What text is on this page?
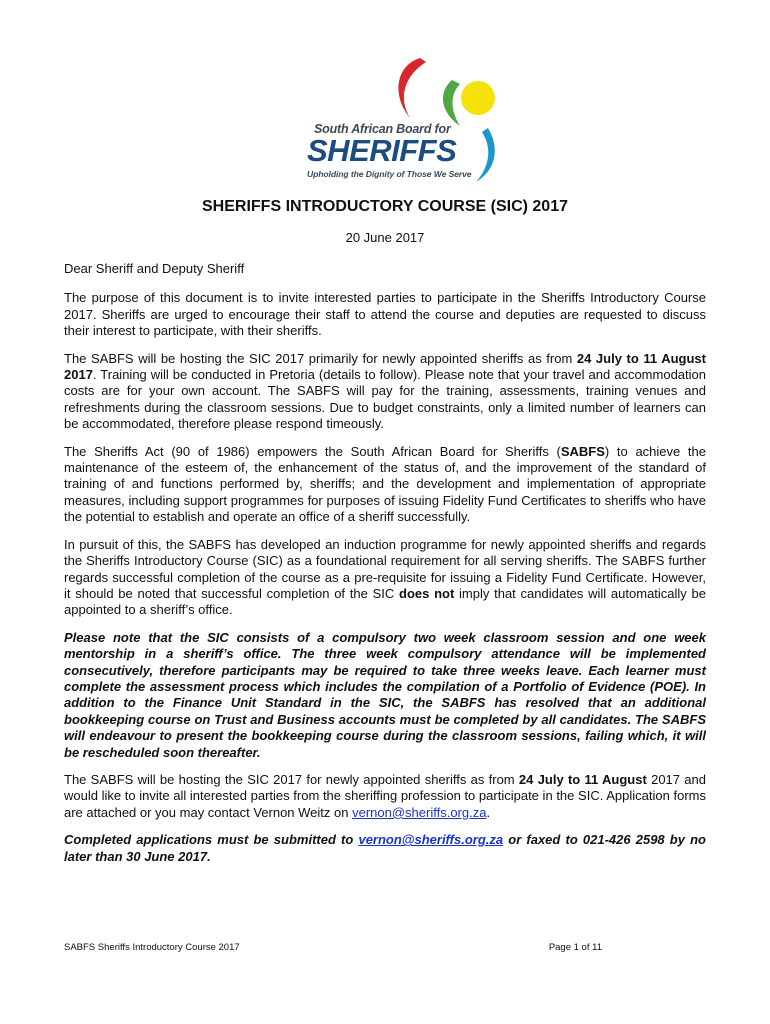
South African Board for
SHERIFFS
Upholding the Dignity of Those We Serve
SHERIFFS INTRODUCTORY COURSE (SIC) 2017
20 June 2017

Dear Sheriff and Deputy Sheriff

The purpose of this document is to invite interested parties to participate in the Sheriffs Introductory Course 2017. Sheriffs are urged to encourage their staff to attend the course and deputies are requested to discuss their interest to participate, with their sheriffs.

The SABFS will be hosting the SIC 2017 primarily for newly appointed sheriffs as from 24 July to 11 August 2017. Training will be conducted in Pretoria (details to follow). Please note that your travel and accommodation costs are for your own account. The SABFS will pay for the training, assessments, training venues and refreshments during the classroom sessions. Due to budget constraints, only a limited number of learners can be accommodated, therefore please respond timeously.

The Sheriffs Act (90 of 1986) empowers the South African Board for Sheriffs (SABFS) to achieve the maintenance of the esteem of, the enhancement of the status of, and the improvement of the standard of training of and functions performed by, sheriffs; and the development and implementation of appropriate measures, including support programmes for purposes of issuing Fidelity Fund Certificates to sheriffs who have the potential to establish and operate an office of a sheriff successfully.

In pursuit of this, the SABFS has developed an induction programme for newly appointed sheriffs and regards the Sheriffs Introductory Course (SIC) as a foundational requirement for all serving sheriffs. The SABFS further regards successful completion of the course as a pre-requisite for issuing a Fidelity Fund Certificate. However, it should be noted that successful completion of the SIC does not imply that candidates will automatically be appointed to a sheriff’s office.

Please note that the SIC consists of a compulsory two week classroom session and one week mentorship in a sheriff’s office. The three week compulsory attendance will be implemented consecutively, therefore participants may be required to take three weeks leave. Each learner must complete the assessment process which includes the compilation of a Portfolio of Evidence (POE). In addition to the Finance Unit Standard in the SIC, the SABFS has resolved that an additional bookkeeping course on Trust and Business accounts must be completed by all candidates. The SABFS will endeavour to present the bookkeeping course during the classroom sessions, failing which, it will be rescheduled soon thereafter.

The SABFS will be hosting the SIC 2017 for newly appointed sheriffs as from 24 July to 11 August 2017 and would like to invite all interested parties from the sheriffing profession to participate in the SIC. Application forms are attached or you may contact Vernon Weitz on vernon@sheriffs.org.za.

Completed applications must be submitted to vernon@sheriffs.org.za or faxed to 021-426 2598 by no later than 30 June 2017.

SABFS Sheriffs Introductory Course 2017	Page 1 of 11
